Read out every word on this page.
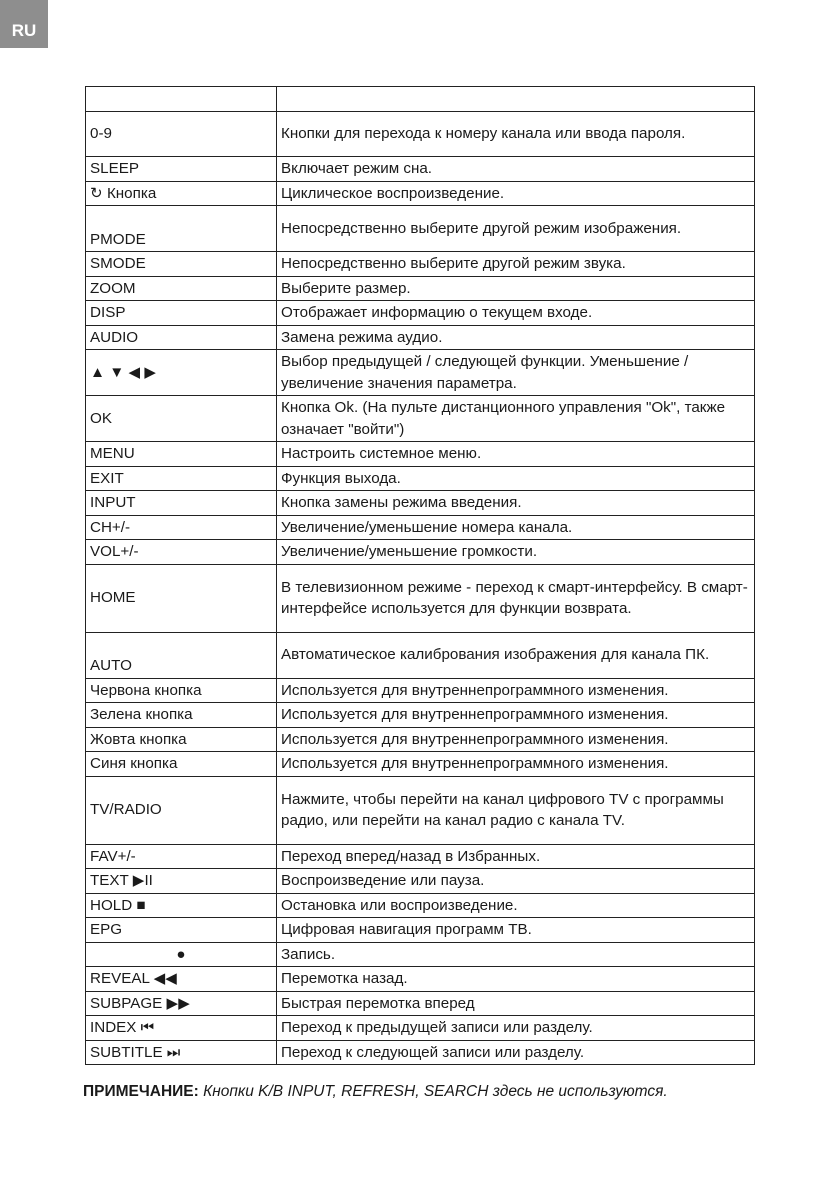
RU

0-9	Кнопки для перехода к номеру канала или ввода пароля.
SLEEP	Включает режим сна.
↻ Кнопка	Циклическое воспроизведение.
PMODE	Непосредственно выберите другой режим изображения.
SMODE	Непосредственно выберите другой режим звука.
ZOOM	Выберите размер.
DISP	Отображает информацию о текущем входе.
AUDIO	Замена режима аудио.
▲ ▼ ◀ ▶	Выбор предыдущей / следующей функции. Уменьшение / увеличение значения параметра.
OK	Кнопка Ok. (На пульте дистанционного управления "Ok", также означает "войти")
MENU	Настроить системное меню.
EXIT	Функция выхода.
INPUT	Кнопка замены режима введения.
CH+/-	Увеличение/уменьшение номера канала.
VOL+/-	Увеличение/уменьшение громкости.
HOME	В телевизионном режиме - переход к смарт-интерфейсу. В смарт-интерфейсе используется для функции возврата.
AUTO	Автоматическое калибрования изображения для канала ПК.
Червона кнопка	Используется для внутреннепрограммного изменения.
Зелена кнопка	Используется для внутреннепрограммного изменения.
Жовта кнопка	Используется для внутреннепрограммного изменения.
Синя кнопка	Используется для внутреннепрограммного изменения.
TV/RADIO	Нажмите, чтобы перейти на канал цифрового TV с программы радио, или перейти на канал радио с канала TV.
FAV+/-	Переход вперед/назад в Избранных.
TEXT ▶II	Воспроизведение или пауза.
HOLD ■	Остановка или воспроизведение.
EPG	Цифровая навигация программ ТВ.
●	Запись.
REVEAL ◀◀	Перемотка назад.
SUBPAGE ▶▶	Быстрая перемотка вперед
INDEX ⏮	Переход к предыдущей записи или разделу.
SUBTITLE ⏭	Переход к следующей записи или разделу.
ПРИМЕЧАНИЕ: Кнопки K/B INPUT, REFRESH, SEARCH здесь не используются.
